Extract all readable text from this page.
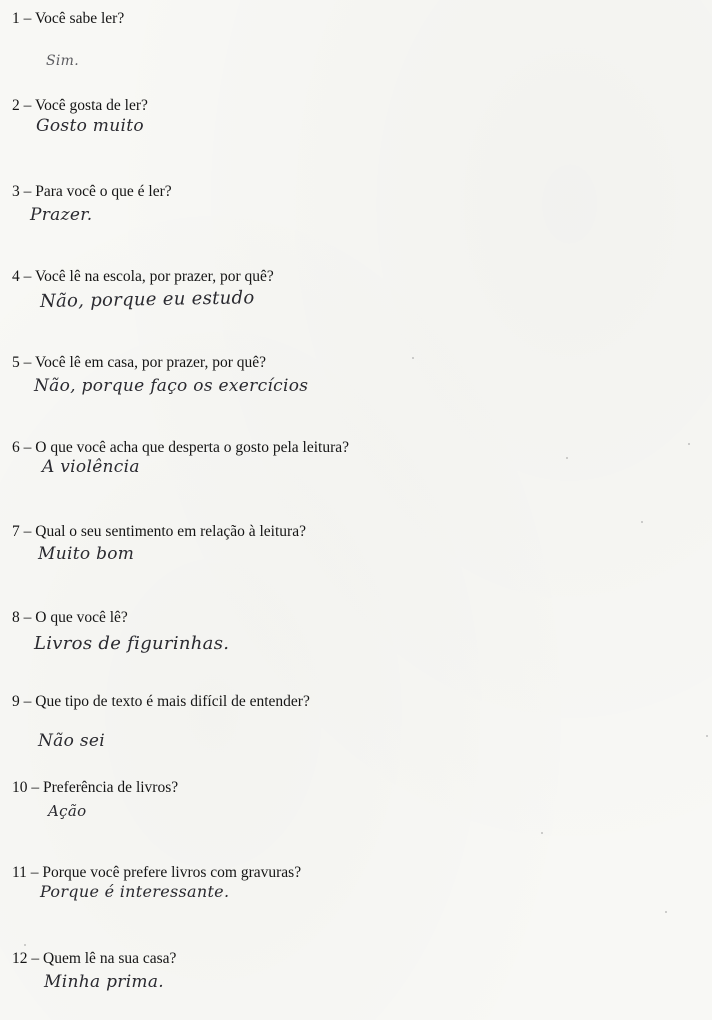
1 – Você sabe ler?
Sim.
2 – Você gosta de ler?
Gosto muito
3 – Para você o que é ler?
Prazer.
4 – Você lê na escola, por prazer, por quê?
Não, porque eu estudo
5 – Você lê em casa, por prazer, por quê?
Não, porque faço os exercícios
6 – O que você acha que desperta o gosto pela leitura?
A violência
7 – Qual o seu sentimento em relação à leitura?
Muito bom
8 – O que você lê?
Livros de figurinhas.
9 – Que tipo de texto é mais difícil de entender?
Não sei
10 – Preferência de livros?
Ação
11 – Porque você prefere livros com gravuras?
Porque é interessante.
12 – Quem lê na sua casa?
Minha prima.
